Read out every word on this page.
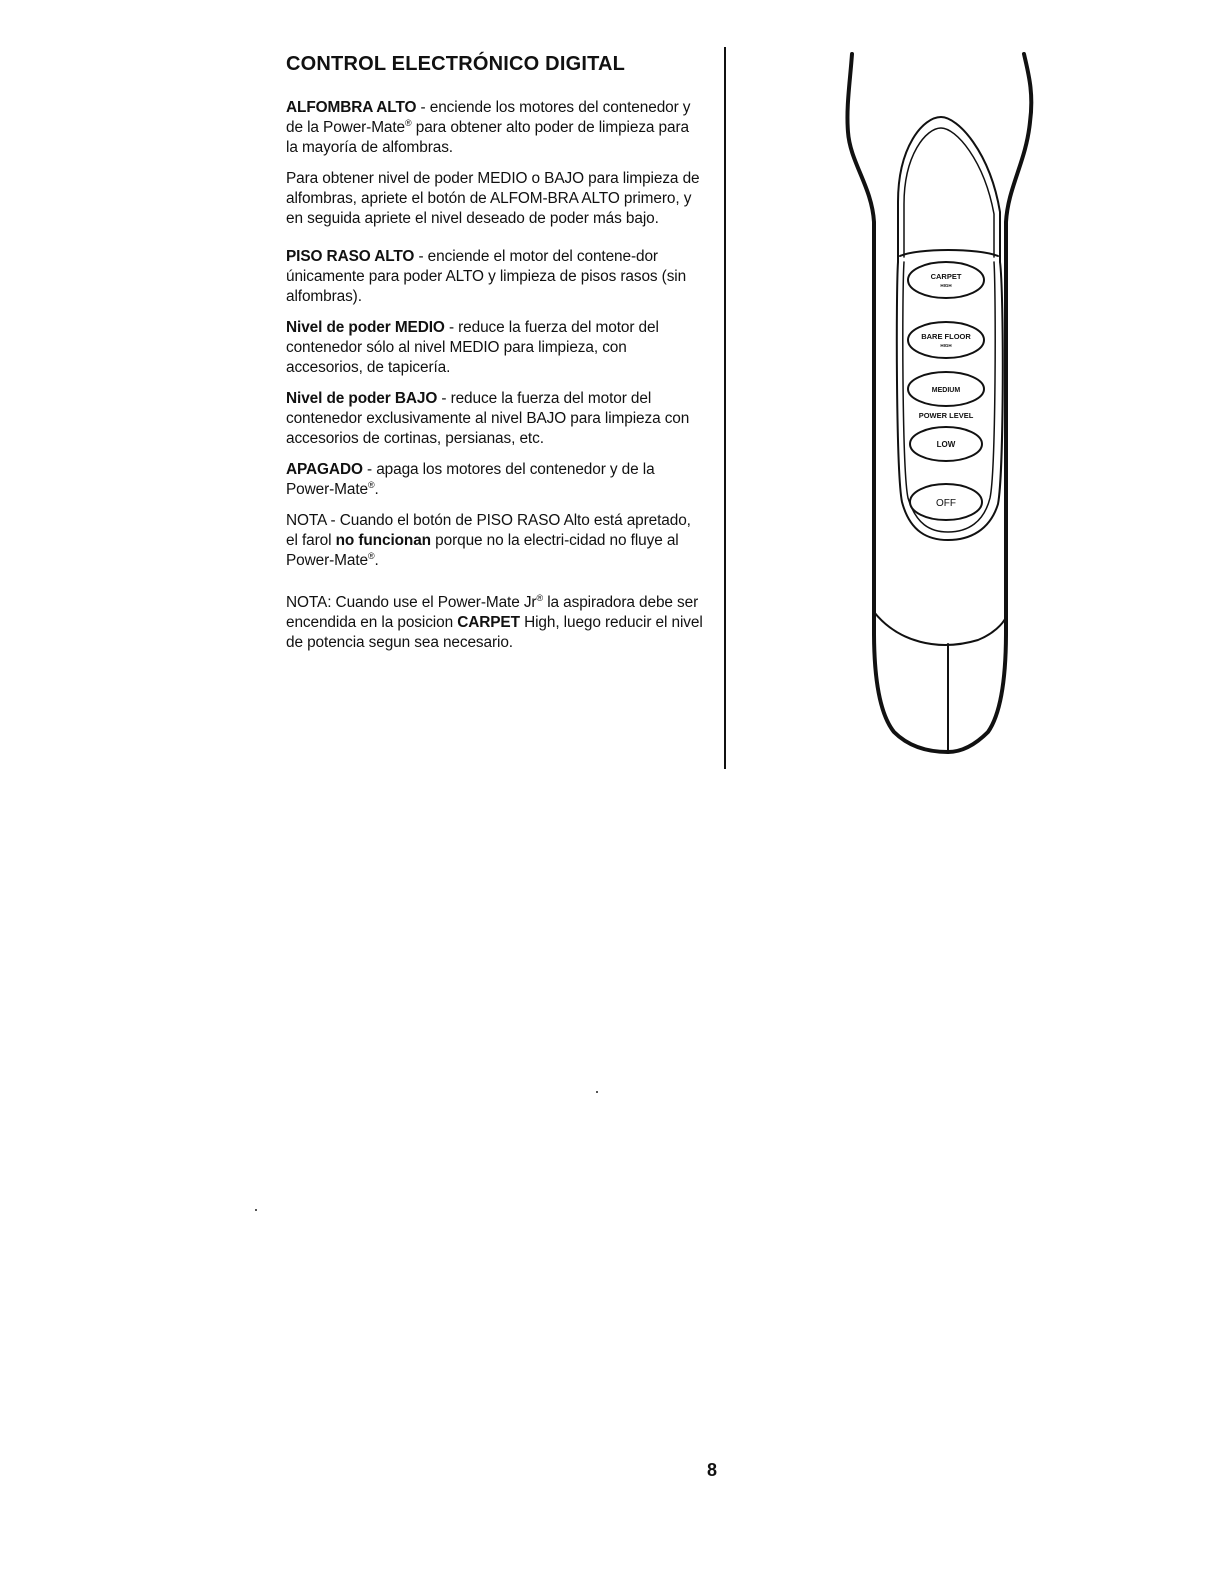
CONTROL ELECTRÓNICO DIGITAL

ALFOMBRA ALTO - enciende los motores del contenedor y de la Power-Mate® para obtener alto poder de limpieza para la mayoría de alfombras.

Para obtener nivel de poder MEDIO o BAJO para limpieza de alfombras, apriete el botón de ALFOM-BRA ALTO primero, y en seguida apriete el nivel deseado de poder más bajo.

PISO RASO ALTO - enciende el motor del contene-dor únicamente para poder ALTO y limpieza de pisos rasos (sin alfombras).

Nivel de poder MEDIO - reduce la fuerza del motor del contenedor sólo al nivel MEDIO para limpieza, con accesorios, de tapicería.

Nivel de poder BAJO - reduce la fuerza del motor del contenedor exclusivamente al nivel BAJO para limpieza con accesorios de cortinas, persianas, etc.

APAGADO - apaga los motores del contenedor y de la Power-Mate®.

NOTA - Cuando el botón de PISO RASO Alto está apretado, el farol no funcionan porque no la electri-cidad no fluye al Power-Mate®.

NOTA: Cuando use el Power-Mate Jr® la aspiradora debe ser encendida en la posicion CARPET High, luego reducir el nivel de potencia segun sea necesario.

CARPET
HIGH
BARE FLOOR
HIGH
MEDIUM
POWER LEVEL
LOW
OFF
8
